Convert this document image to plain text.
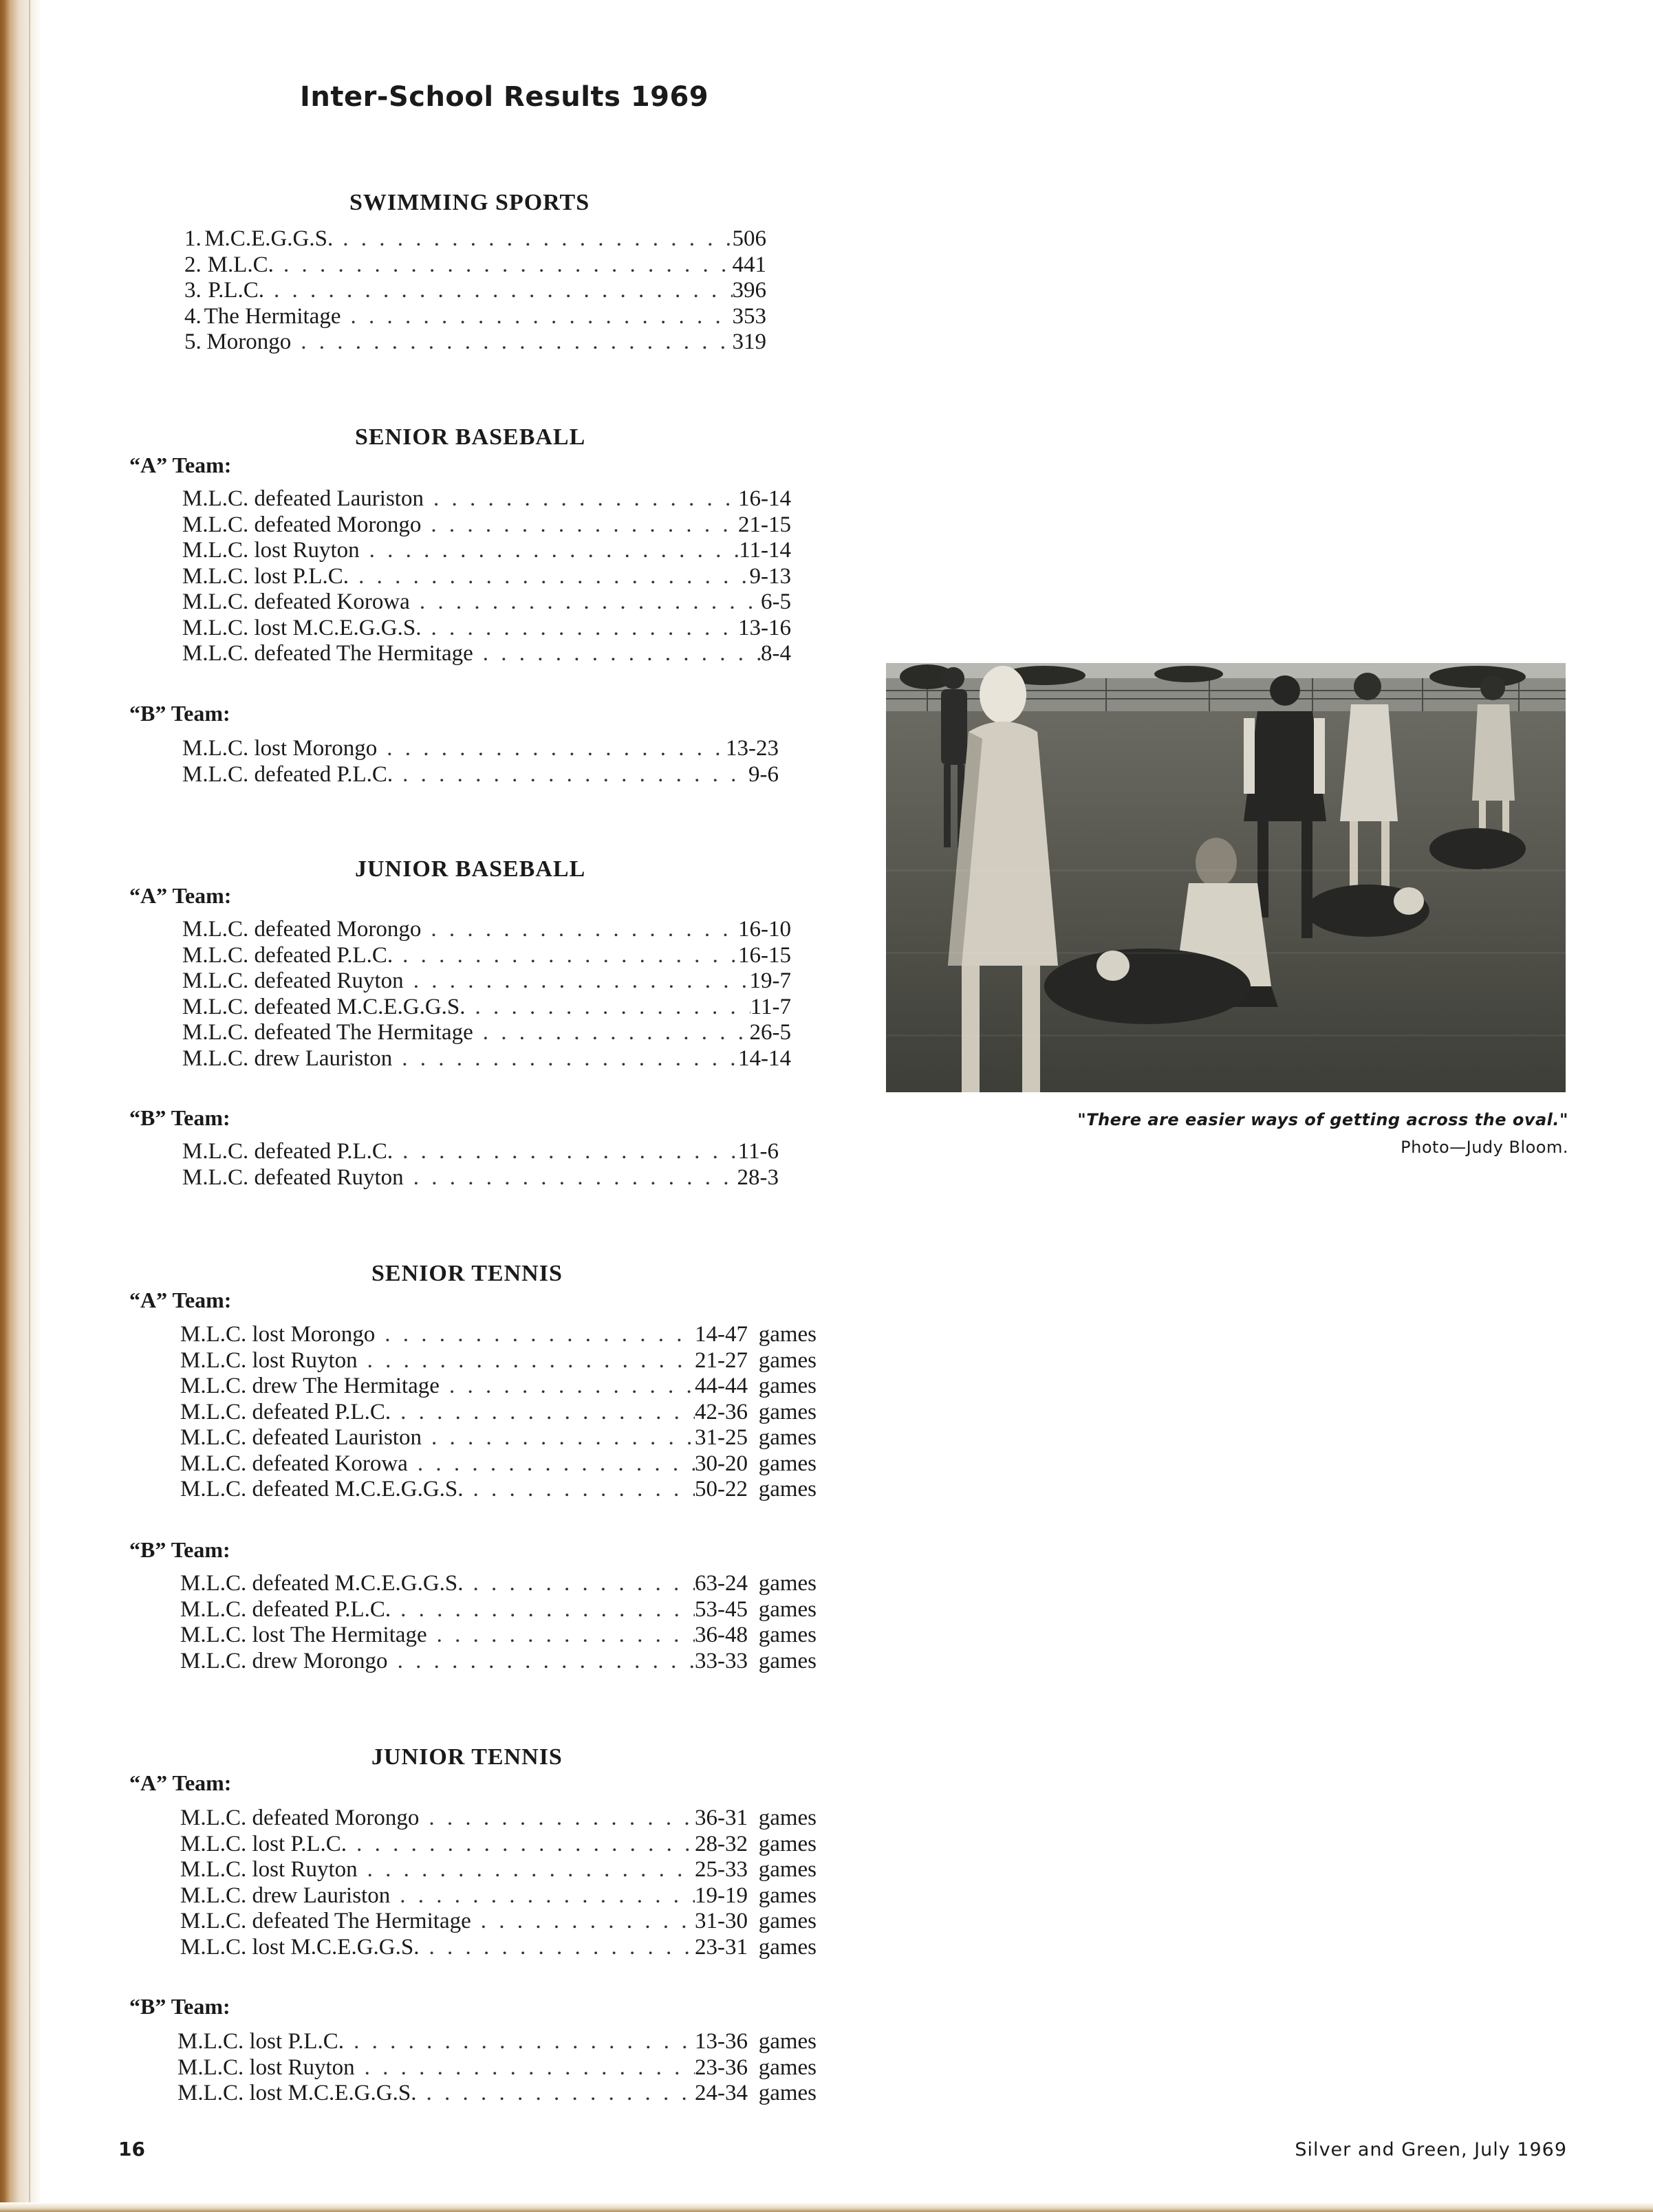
Inter-School Results 1969
SWIMMING SPORTS
1. M.C.E.G.G.S. . . .	506
2. M.L.C. . . .	441
3. P.L.C. . . .	396
4. The Hermitage . . .	353
5. Morongo . . .	319
SENIOR BASEBALL

“A” Team:

M.L.C. defeated Lauriston . . .	16-14
M.L.C. defeated Morongo . . .	21-15
M.L.C. lost Ruyton . . .	11-14
M.L.C. lost P.L.C. . . .	9-13
M.L.C. defeated Korowa . . .	6-5
M.L.C. lost M.C.E.G.G.S. . . .	13-16
M.L.C. defeated The Hermitage . . .	8-4

“B” Team:

M.L.C. lost Morongo . . .	13-23
M.L.C. defeated P.L.C. . . .	9-6
JUNIOR BASEBALL

“A” Team:

M.L.C. defeated Morongo . . .	16-10
M.L.C. defeated P.L.C. . . .	16-15
M.L.C. defeated Ruyton . . .	19-7
M.L.C. defeated M.C.E.G.G.S. . . .	11-7
M.L.C. defeated The Hermitage . . .	26-5
M.L.C. drew Lauriston . . .	14-14

“B” Team:

M.L.C. defeated P.L.C. . . .	11-6
M.L.C. defeated Ruyton . . .	28-3
SENIOR TENNIS

“A” Team:

M.L.C. lost Morongo . . .	14-47 games
M.L.C. lost Ruyton . . .	21-27 games
M.L.C. drew The Hermitage . . .	44-44 games
M.L.C. defeated P.L.C. . . .	42-36 games
M.L.C. defeated Lauriston . . .	31-25 games
M.L.C. defeated Korowa . . .	30-20 games
M.L.C. defeated M.C.E.G.G.S. . . .	50-22 games

“B” Team:

M.L.C. defeated M.C.E.G.G.S. . . .	63-24 games
M.L.C. defeated P.L.C. . . .	53-45 games
M.L.C. lost The Hermitage . . .	36-48 games
M.L.C. drew Morongo . . .	33-33 games
JUNIOR TENNIS

“A” Team:

M.L.C. defeated Morongo . . .	36-31 games
M.L.C. lost P.L.C. . . .	28-32 games
M.L.C. lost Ruyton . . .	25-33 games
M.L.C. drew Lauriston . . .	19-19 games
M.L.C. defeated The Hermitage . . .	31-30 games
M.L.C. lost M.C.E.G.G.S. . . .	23-31 games

“B” Team:

M.L.C. lost P.L.C. . . .	13-36 games
M.L.C. lost Ruyton . . .	23-36 games
M.L.C. lost M.C.E.G.G.S. . . .	24-34 games

"There are easier ways of getting across the oval."

Photo—Judy Bloom.

16	Silver and Green, July 1969
